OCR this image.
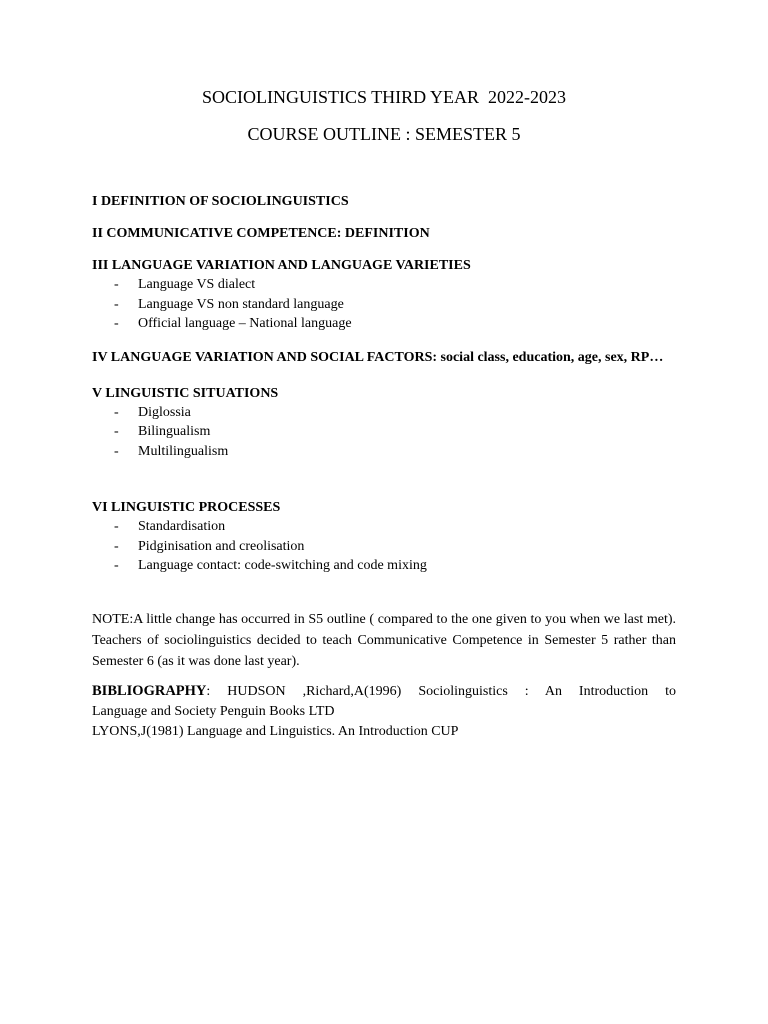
SOCIOLINGUISTICS THIRD YEAR  2022-2023
COURSE OUTLINE : SEMESTER 5

I DEFINITION OF SOCIOLINGUISTICS

II COMMUNICATIVE COMPETENCE: DEFINITION

III LANGUAGE VARIATION AND LANGUAGE VARIETIES

- Language VS dialect
- Language VS non standard language
- Official language – National language

IV LANGUAGE VARIATION AND SOCIAL FACTORS: social class, education, age, sex, RP…

V LINGUISTIC SITUATIONS

- Diglossia
- Bilingualism
- Multilingualism

VI LINGUISTIC PROCESSES

- Standardisation
- Pidginisation and creolisation
- Language contact: code-switching and code mixing

NOTE:A little change has occurred in S5 outline ( compared to the one given to you when we last met). Teachers of sociolinguistics decided to teach Communicative Competence in Semester 5 rather than Semester 6 (as it was done last year).

BIBLIOGRAPHY: HUDSON ,Richard,A(1996) Sociolinguistics : An Introduction to
Language and Society Penguin Books LTD
LYONS,J(1981) Language and Linguistics. An Introduction CUP
